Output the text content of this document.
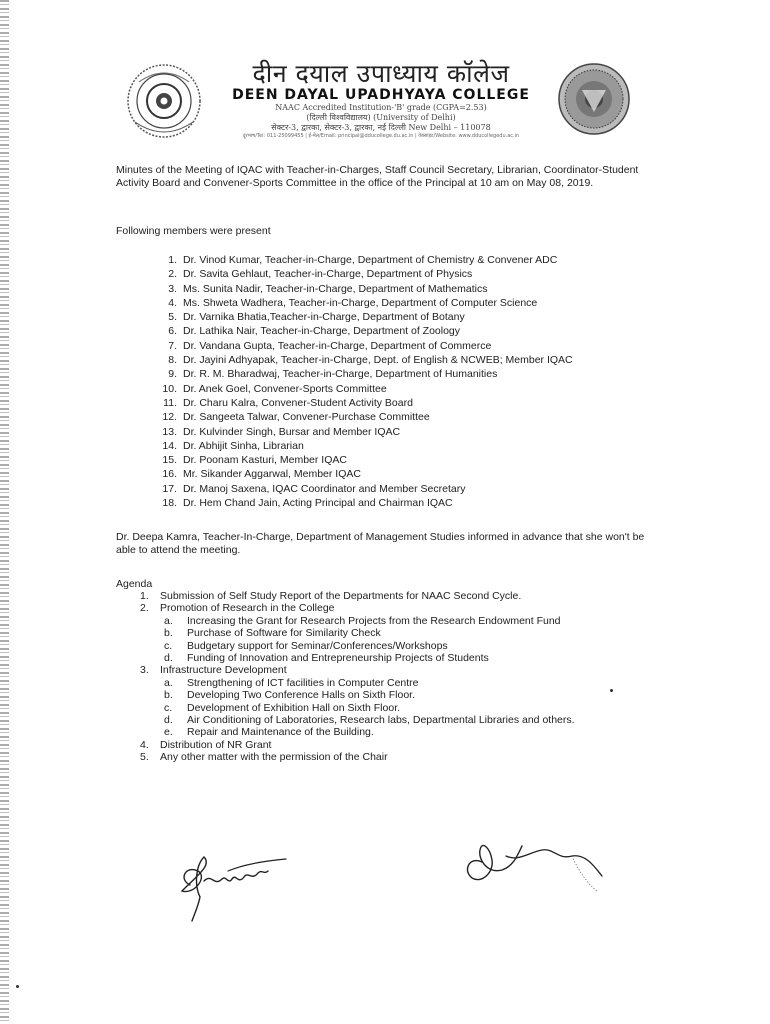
दीन दयाल उपाध्याय कॉलेज
DEEN DAYAL UPADHYAYA COLLEGE
NAAC Accredited Institution-'B' grade (CGPA=2.53)
(दिल्ली विश्वविद्यालय) (University of Delhi)
सेक्टर-3, द्वारका, सेक्टर-3, द्वारका, नई दिल्ली New Delhi – 110078
दूरभाष/Tel: 011-25099455 | ई-मेल/Email: principal@dducollege.du.ac.in | वेबसाइट/Website: www.dducollegedu.ac.in
Minutes of the Meeting of IQAC with Teacher-in-Charges, Staff Council Secretary, Librarian, Coordinator-Student Activity Board and Convener-Sports Committee in the office of the Principal at 10 am on May 08, 2019.
Following members were present
1. Dr. Vinod Kumar, Teacher-in-Charge, Department of Chemistry & Convener ADC
2. Dr. Savita Gehlaut, Teacher-in-Charge, Department of Physics
3. Ms. Sunita Nadir, Teacher-in-Charge, Department of Mathematics
4. Ms. Shweta Wadhera, Teacher-in-Charge, Department of Computer Science
5. Dr. Varnika Bhatia,Teacher-in-Charge, Department of Botany
6. Dr. Lathika Nair, Teacher-in-Charge, Department of Zoology
7. Dr. Vandana Gupta, Teacher-in-Charge, Department of Commerce
8. Dr. Jayini Adhyapak, Teacher-in-Charge, Dept. of English & NCWEB; Member IQAC
9. Dr. R. M. Bharadwaj, Teacher-in-Charge, Department of Humanities
10. Dr. Anek Goel, Convener-Sports Committee
11. Dr. Charu Kalra, Convener-Student Activity Board
12. Dr. Sangeeta Talwar, Convener-Purchase Committee
13. Dr. Kulvinder Singh, Bursar and Member IQAC
14. Dr. Abhijit Sinha, Librarian
15. Dr. Poonam Kasturi, Member IQAC
16. Mr. Sikander Aggarwal, Member IQAC
17. Dr. Manoj Saxena, IQAC Coordinator and Member Secretary
18. Dr. Hem Chand Jain, Acting Principal and Chairman IQAC
Dr. Deepa Kamra, Teacher-In-Charge, Department of Management Studies informed in advance that she won't be able to attend the meeting.
Agenda
1. Submission of Self Study Report of the Departments for NAAC Second Cycle.
2. Promotion of Research in the College
a. Increasing the Grant for Research Projects from the Research Endowment Fund
b. Purchase of Software for Similarity Check
c. Budgetary support for Seminar/Conferences/Workshops
d. Funding of Innovation and Entrepreneurship Projects of Students
3. Infrastructure Development
a. Strengthening of ICT facilities in Computer Centre
b. Developing Two Conference Halls on Sixth Floor.
c. Development of Exhibition Hall on Sixth Floor.
d. Air Conditioning of Laboratories, Research labs, Departmental Libraries and others.
e. Repair and Maintenance of the Building.
4. Distribution of NR Grant
5. Any other matter with the permission of the Chair
